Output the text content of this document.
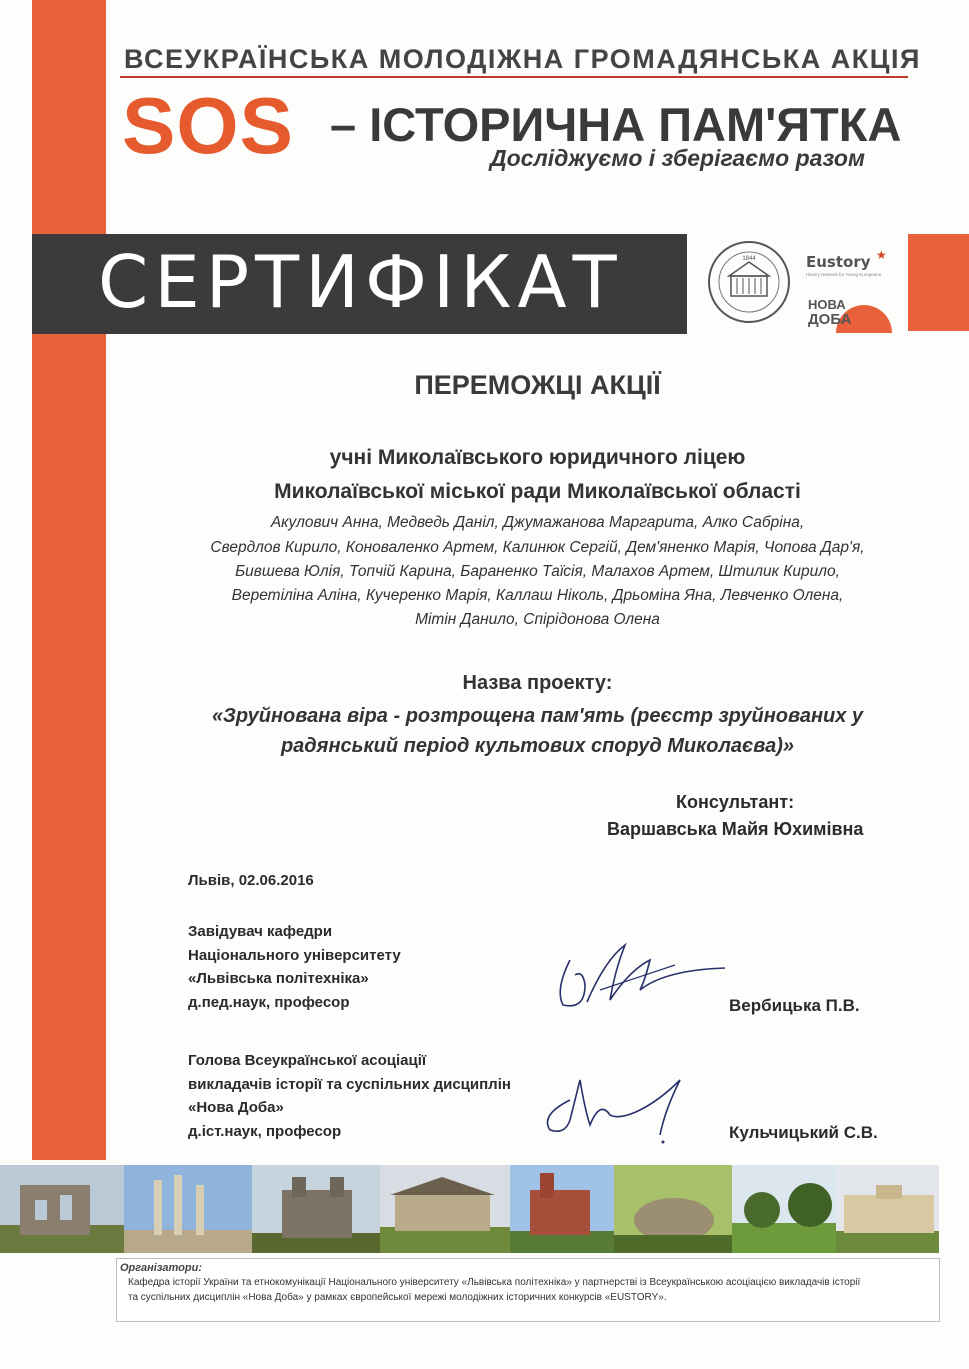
ВСЕУКРАЇНСЬКА МОЛОДІЖНА ГРОМАДЯНСЬКА АКЦІЯ
SOS – ІСТОРИЧНА ПАМ'ЯТКА
Досліджуємо і зберігаємо разом
СЕРТИФІКАТ	1844	Eustory
History Network for Young Europeans
★
НОВА
ДОБА
ПЕРЕМОЖЦІ АКЦІЇ
учні Миколаївського юридичного ліцею
Миколаївської міської ради Миколаївської області
Акулович Анна, Медведь Даніл, Джумажанова Маргарита, Алко Сабріна,
Свердлов Кирило, Коноваленко Артем, Калинюк Сергій, Дем'яненко Марія, Чопова Дар'я,
Бившева Юлія, Топчій Карина, Бараненко Таїсія, Малахов Артем, Штилик Кирило,
Веретіліна Аліна, Кучеренко Марія, Каллаш Ніколь, Дрьоміна Яна, Левченко Олена,
Мітін Данило, Спірідонова Олена
Назва проекту:
«Зруйнована віра - розтрощена пам'ять (реєстр зруйнованих у
радянський період культових споруд Миколаєва)»
Консультант:
Варшавська Майя Юхимівна
Львів, 02.06.2016
Завідувач кафедри
Національного університету
«Львівська політехніка»
д.пед.наук, професор	Вербицька П.В.
Голова Всеукраїнської асоціації
викладачів історії та суспільних дисциплін
«Нова Доба»
д.іст.наук, професор	Кульчицький С.В.
Організатори:
Кафедра історії України та етнокомунікації Національного університету «Львівська політехніка» у партнерстві із Всеукраїнською асоціацією викладачів історії
та суспільних дисциплін «Нова Доба» у рамках європейської мережі молодіжних історичних конкурсів «EUSTORY».
